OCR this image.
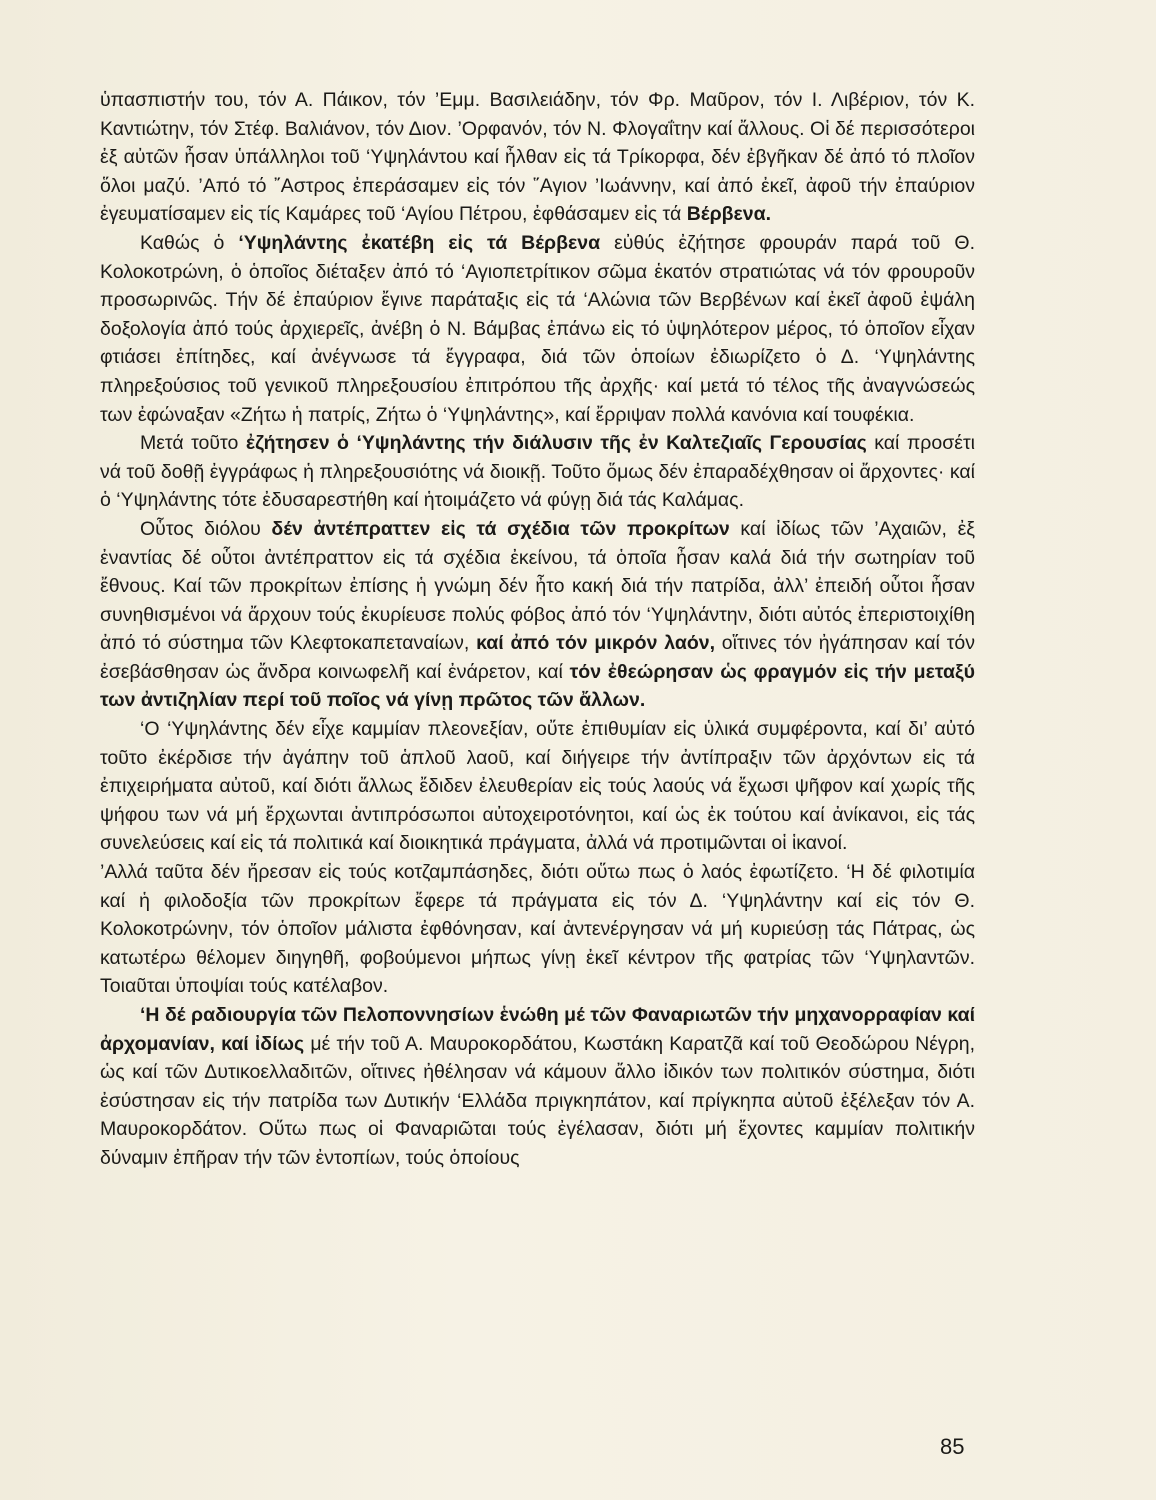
ὑπασπιστήν του, τόν Α. Πάικον, τόν ’Εμμ. Βασιλειάδην, τόν Φρ. Μαῦρον, τόν Ι. Λιβέριον, τόν Κ. Καντιώτην, τόν Στέφ. Βαλιάνον, τόν Διον. ’Ορφανόν, τόν Ν. Φλογαΐτην καί ἄλλους. Οἱ δέ περισσότεροι ἐξ αὐτῶν ἦσαν ὑπάλληλοι τοῦ ‘Υψηλάντου καί ἦλθαν εἰς τά Τρίκορφα, δέν ἐβγῆκαν δέ ἀπό τό πλοῖον ὅλοι μαζύ. ’Από τό ῎Αστρος ἐπεράσαμεν εἰς τόν ῞Αγιον ’Ιωάννην, καί ἀπό ἐκεῖ, ἀφοῦ τήν ἐπαύριον ἐγευματίσαμεν εἰς τίς Καμάρες τοῦ ‘Αγίου Πέτρου, ἐφθάσαμεν εἰς τά Βέρβενα.

Καθώς ὁ ‘Υψηλάντης ἐκατέβη εἰς τά Βέρβενα εὐθύς ἐζήτησε φρουράν παρά τοῦ Θ. Κολοκοτρώνη, ὁ ὁποῖος διέταξεν ἀπό τό ‘Αγιοπετρίτικον σῶμα ἑκατόν στρατιώτας νά τόν φρουροῦν προσωρινῶς. Τήν δέ ἐπαύριον ἔγινε παράταξις εἰς τά ‘Αλώνια τῶν Βερβένων καί ἐκεῖ ἀφοῦ ἐψάλη δοξολογία ἀπό τούς ἀρχιερεῖς, ἀνέβη ὁ Ν. Βάμβας ἐπάνω εἰς τό ὑψηλότερον μέρος, τό ὁποῖον εἶχαν φτιάσει ἐπίτηδες, καί ἀνέγνωσε τά ἔγγραφα, διά τῶν ὁποίων ἐδιωρίζετο ὁ Δ. ‘Υψηλάντης πληρεξούσιος τοῦ γενικοῦ πληρεξουσίου ἐπιτρόπου τῆς ἀρχῆς· καί μετά τό τέλος τῆς ἀναγνώσεώς των ἐφώναξαν «Ζήτω ἡ πατρίς, Ζήτω ὁ ‘Υψηλάντης», καί ἔρριψαν πολλά κανόνια καί τουφέκια.

Μετά τοῦτο ἐζήτησεν ὁ ‘Υψηλάντης τήν διάλυσιν τῆς ἐν Καλτεζιαῖς Γερουσίας καί προσέτι νά τοῦ δοθῇ ἐγγράφως ἡ πληρεξουσιότης νά διοικῇ. Τοῦτο ὅμως δέν ἐπαραδέχθησαν οἱ ἄρχοντες· καί ὁ ‘Υψηλάντης τότε ἐδυσαρεστήθη καί ἡτοιμάζετο νά φύγῃ διά τάς Καλάμας.

Οὗτος διόλου δέν ἀντέπραττεν εἰς τά σχέδια τῶν προκρίτων καί ἰδίως τῶν ’Αχαιῶν, ἐξ ἐναντίας δέ οὗτοι ἀντέπραττον εἰς τά σχέδια ἐκείνου, τά ὁποῖα ἦσαν καλά διά τήν σωτηρίαν τοῦ ἔθνους. Καί τῶν προκρίτων ἐπίσης ἡ γνώμη δέν ἦτο κακή διά τήν πατρίδα, ἀλλ’ ἐπειδή οὗτοι ἦσαν συνηθισμένοι νά ἄρχουν τούς ἐκυρίευσε πολύς φόβος ἀπό τόν ‘Υψηλάντην, διότι αὐτός ἐπεριστοιχίθη ἀπό τό σύστημα τῶν Κλεφτοκαπεταναίων, καί ἀπό τόν μικρόν λαόν, οἵτινες τόν ἠγάπησαν καί τόν ἐσεβάσθησαν ὡς ἄνδρα κοινωφελῆ καί ἐνάρετον, καί τόν ἐθεώρησαν ὡς φραγμόν εἰς τήν μεταξύ των ἀντιζηλίαν περί τοῦ ποῖος νά γίνῃ πρῶτος τῶν ἄλλων.

‘Ο ‘Υψηλάντης δέν εἶχε καμμίαν πλεονεξίαν, οὔτε ἐπιθυμίαν εἰς ὑλικά συμφέροντα, καί δι’ αὐτό τοῦτο ἐκέρδισε τήν ἀγάπην τοῦ ἁπλοῦ λαοῦ, καί διήγειρε τήν ἀντίπραξιν τῶν ἀρχόντων εἰς τά ἐπιχειρήματα αὐτοῦ, καί διότι ἄλλως ἔδιδεν ἐλευθερίαν εἰς τούς λαούς νά ἔχωσι ψῆφον καί χωρίς τῆς ψήφου των νά μή ἔρχωνται ἀντιπρόσωποι αὐτοχειροτόνητοι, καί ὡς ἐκ τούτου καί ἀνίκανοι, εἰς τάς συνελεύσεις καί εἰς τά πολιτικά καί διοικητικά πράγματα, ἀλλά νά προτιμῶνται οἱ ἱκανοί.

’Αλλά ταῦτα δέν ἤρεσαν εἰς τούς κοτζαμπάσηδες, διότι οὕτω πως ὁ λαός ἐφωτίζετο. ‘Η δέ φιλοτιμία καί ἡ φιλοδοξία τῶν προκρίτων ἔφερε τά πράγματα εἰς τόν Δ. ‘Υψηλάντην καί εἰς τόν Θ. Κολοκοτρώνην, τόν ὁποῖον μάλιστα ἐφθόνησαν, καί ἀντενέργησαν νά μή κυριεύσῃ τάς Πάτρας, ὡς κατωτέρω θέλομεν διηγηθῆ, φοβούμενοι μήπως γίνῃ ἐκεῖ κέντρον τῆς φατρίας τῶν ‘Υψηλαντῶν. Τοιαῦται ὑποψίαι τούς κατέλαβον.

‘Η δέ ραδιουργία τῶν Πελοποννησίων ἑνώθη μέ τῶν Φαναριωτῶν τήν μηχανορραφίαν καί ἀρχομανίαν, καί ἰδίως μέ τήν τοῦ Α. Μαυροκορδάτου, Κωστάκη Καρατζᾶ καί τοῦ Θεοδώρου Νέγρη, ὡς καί τῶν Δυτικοελλαδιτῶν, οἵτινες ἠθέλησαν νά κάμουν ἄλλο ἰδικόν των πολιτικόν σύστημα, διότι ἐσύστησαν εἰς τήν πατρίδα των Δυτικήν ‘Ελλάδα πριγκηπάτον, καί πρίγκηπα αὐτοῦ ἐξέλεξαν τόν Α. Μαυροκορδάτον. Οὕτω πως οἱ Φαναριῶται τούς ἐγέλασαν, διότι μή ἔχοντες καμμίαν πολιτικήν δύναμιν ἐπῆραν τήν τῶν ἐντοπίων, τούς ὁποίους

85
